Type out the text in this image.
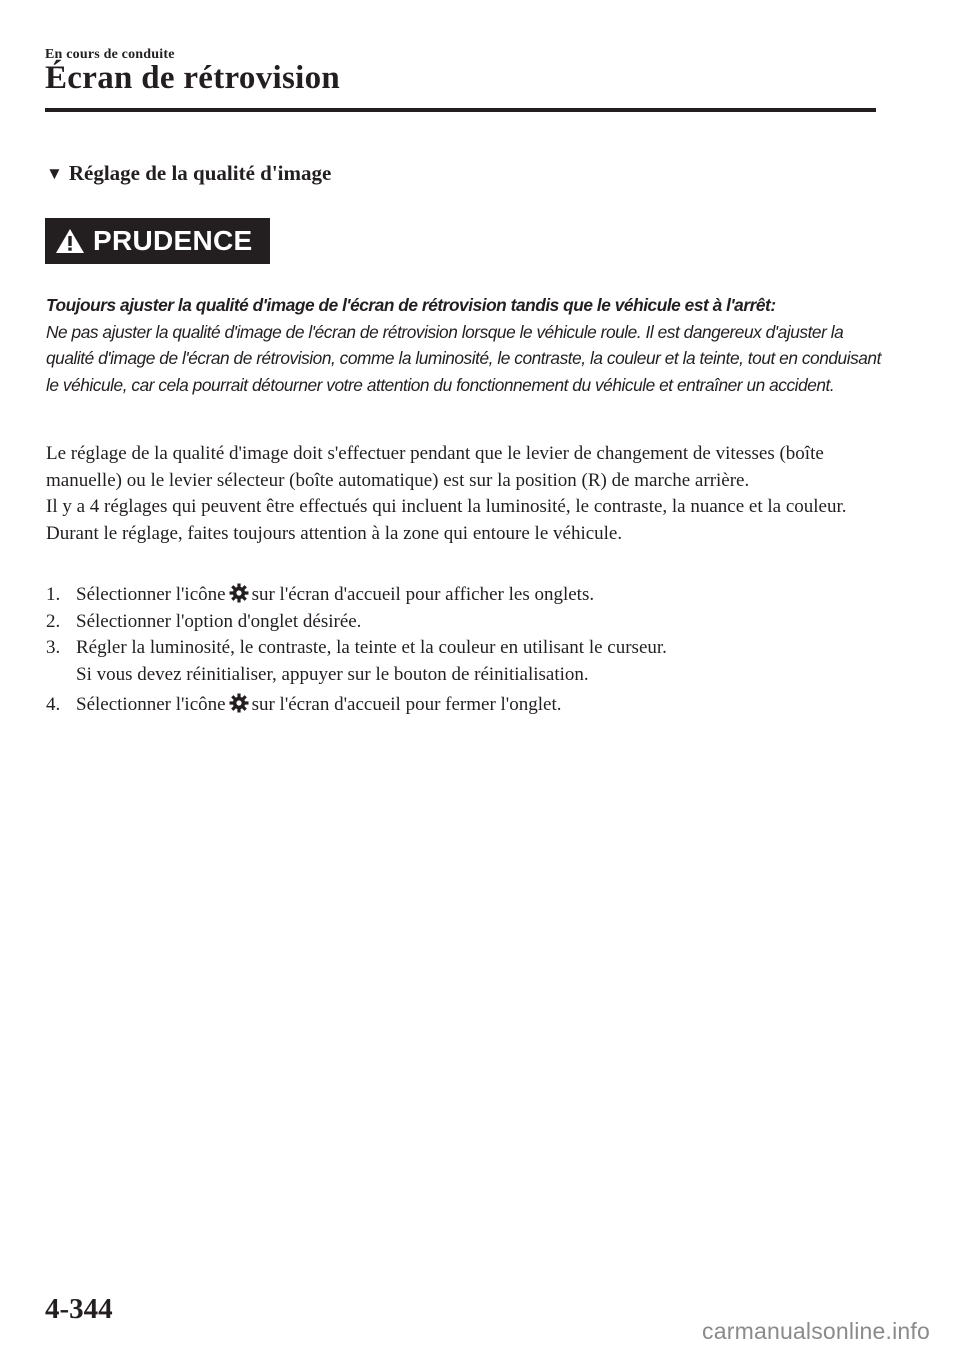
En cours de conduite
Écran de rétrovision
▼ Réglage de la qualité d'image
PRUDENCE

Toujours ajuster la qualité d'image de l'écran de rétrovision tandis que le véhicule est à l'arrêt:

Ne pas ajuster la qualité d'image de l'écran de rétrovision lorsque le véhicule roule. Il est dangereux d'ajuster la qualité d'image de l'écran de rétrovision, comme la luminosité, le contraste, la couleur et la teinte, tout en conduisant le véhicule, car cela pourrait détourner votre attention du fonctionnement du véhicule et entraîner un accident.

Le réglage de la qualité d'image doit s'effectuer pendant que le levier de changement de vitesses (boîte manuelle) ou le levier sélecteur (boîte automatique) est sur la position (R) de marche arrière.

Il y a 4 réglages qui peuvent être effectués qui incluent la luminosité, le contraste, la nuance et la couleur. Durant le réglage, faites toujours attention à la zone qui entoure le véhicule.

1. Sélectionner l'icône sur l'écran d'accueil pour afficher les onglets.
2. Sélectionner l'option d'onglet désirée.
3. Régler la luminosité, le contraste, la teinte et la couleur en utilisant le curseur.
Si vous devez réinitialiser, appuyer sur le bouton de réinitialisation.
4. Sélectionner l'icône sur l'écran d'accueil pour fermer l'onglet.
4-344
carmanualsonline.info
